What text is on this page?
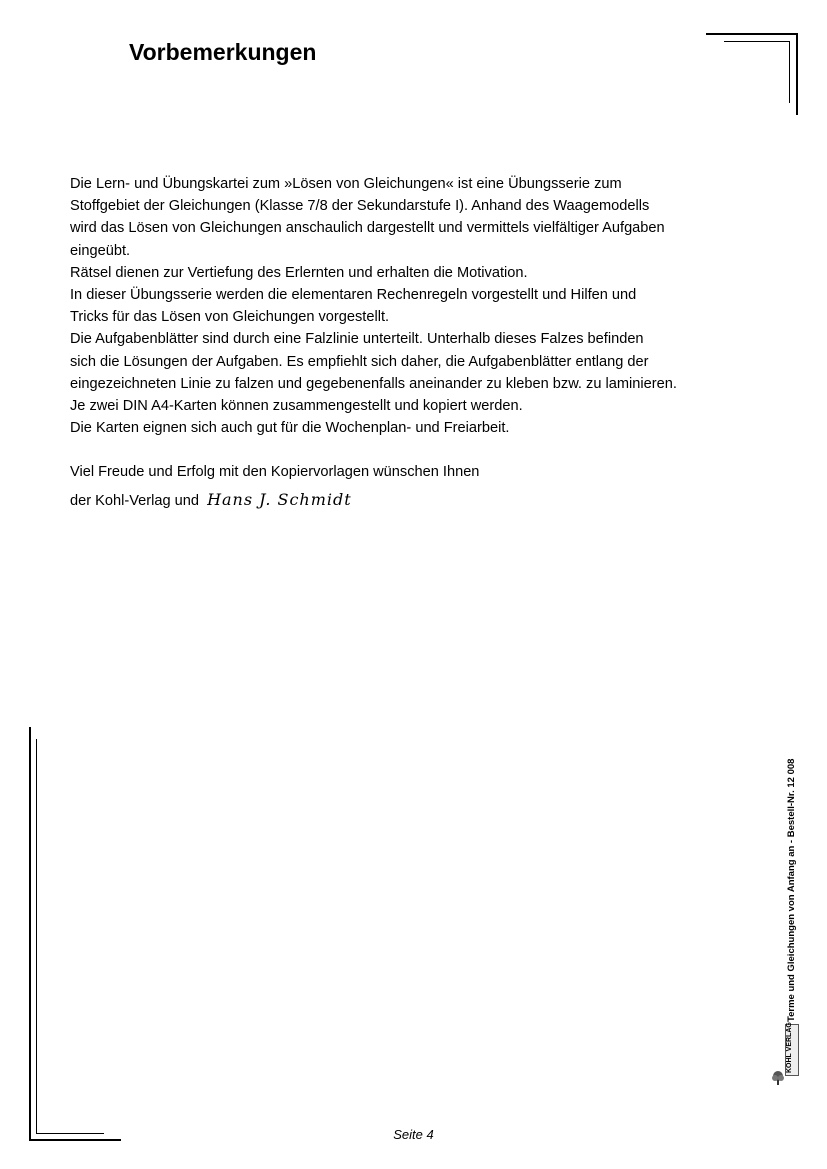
Vorbemerkungen
Die Lern- und Übungskartei zum »Lösen von Gleichungen« ist eine Übungsserie zum
Stoffgebiet der Gleichungen (Klasse 7/8 der Sekundarstufe I). Anhand des Waagemodells
wird das Lösen von Gleichungen anschaulich dargestellt und vermittels vielfältiger Aufgaben
eingeübt.
Rätsel dienen zur Vertiefung des Erlernten und erhalten die Motivation.
In dieser Übungsserie werden die elementaren Rechenregeln vorgestellt und Hilfen und
Tricks für das Lösen von Gleichungen vorgestellt.
Die Aufgabenblätter sind durch eine Falzlinie unterteilt. Unterhalb dieses Falzes befinden
sich die Lösungen der Aufgaben. Es empfiehlt sich daher, die Aufgabenblätter entlang der
eingezeichneten Linie zu falzen und gegebenenfalls aneinander zu kleben bzw. zu laminieren.
Je zwei DIN A4-Karten können zusammengestellt und kopiert werden.
Die Karten eignen sich auch gut für die Wochenplan- und Freiarbeit.
Viel Freude und Erfolg mit den Kopiervorlagen wünschen Ihnen
der Kohl-Verlag und Hans J. Schmidt
Terme und Gleichungen von Anfang an - Bestell-Nr. 12 008
KOHL VERLAG
Seite 4
